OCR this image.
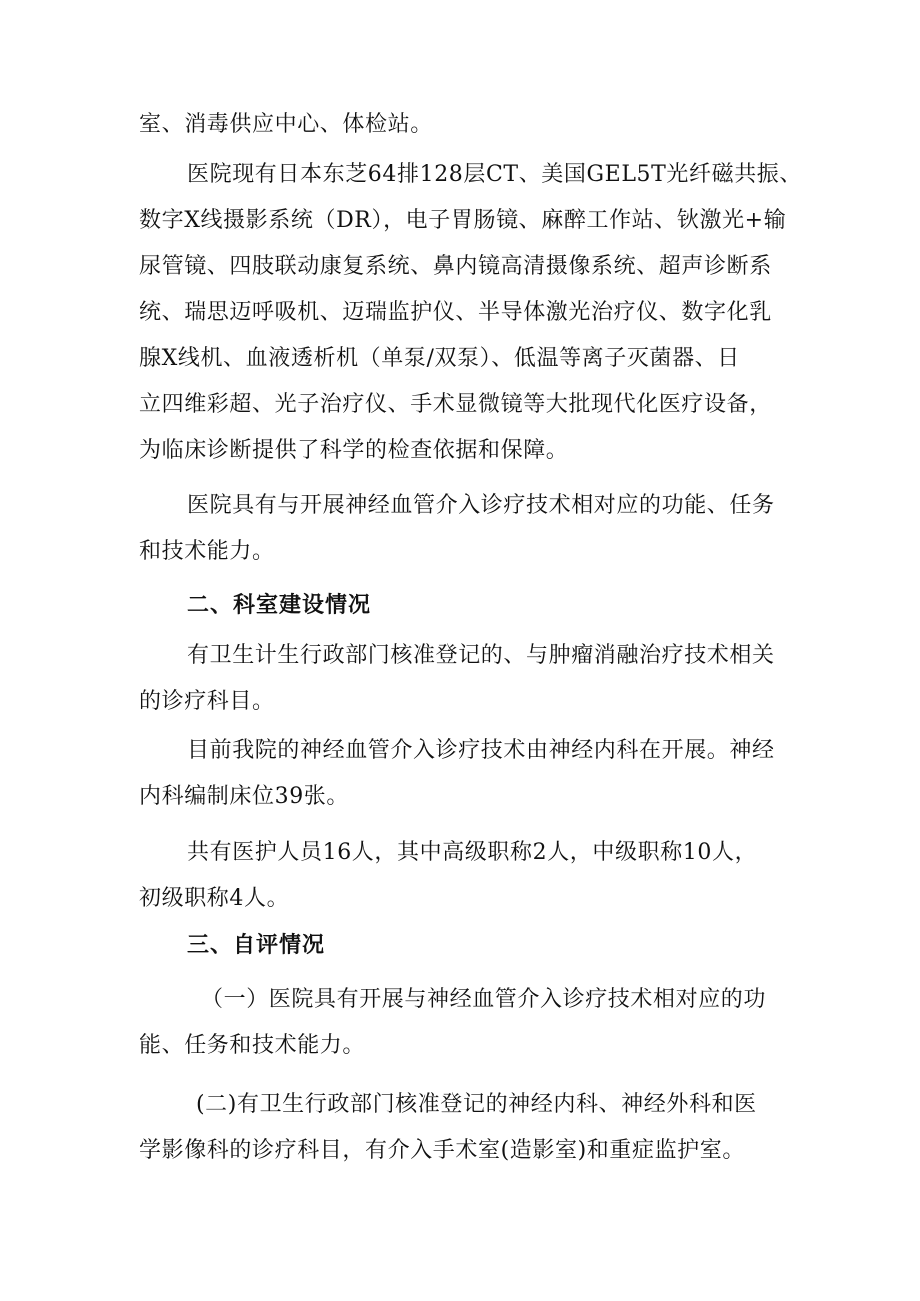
室、消毒供应中心、体检站。
医院现有日本东芝64排128层CT、美国GEL5T光纤磁共振、
数字X线摄影系统（DR），电子胃肠镜、麻醉工作站、钬激光+输
尿管镜、四肢联动康复系统、鼻内镜高清摄像系统、超声诊断系
统、瑞思迈呼吸机、迈瑞监护仪、半导体激光治疗仪、数字化乳
腺X线机、血液透析机（单泵/双泵）、低温等离子灭菌器、日
立四维彩超、光子治疗仪、手术显微镜等大批现代化医疗设备，
为临床诊断提供了科学的检查依据和保障。
医院具有与开展神经血管介入诊疗技术相对应的功能、任务
和技术能力。
二、科室建设情况
有卫生计生行政部门核准登记的、与肿瘤消融治疗技术相关
的诊疗科目。
目前我院的神经血管介入诊疗技术由神经内科在开展。神经
内科编制床位39张。
共有医护人员16人，其中高级职称2人，中级职称10人，
初级职称4人。
三、自评情况
（一）医院具有开展与神经血管介入诊疗技术相对应的功
能、任务和技术能力。
(二)有卫生行政部门核准登记的神经内科、神经外科和医
学影像科的诊疗科目，有介入手术室(造影室)和重症监护室。
